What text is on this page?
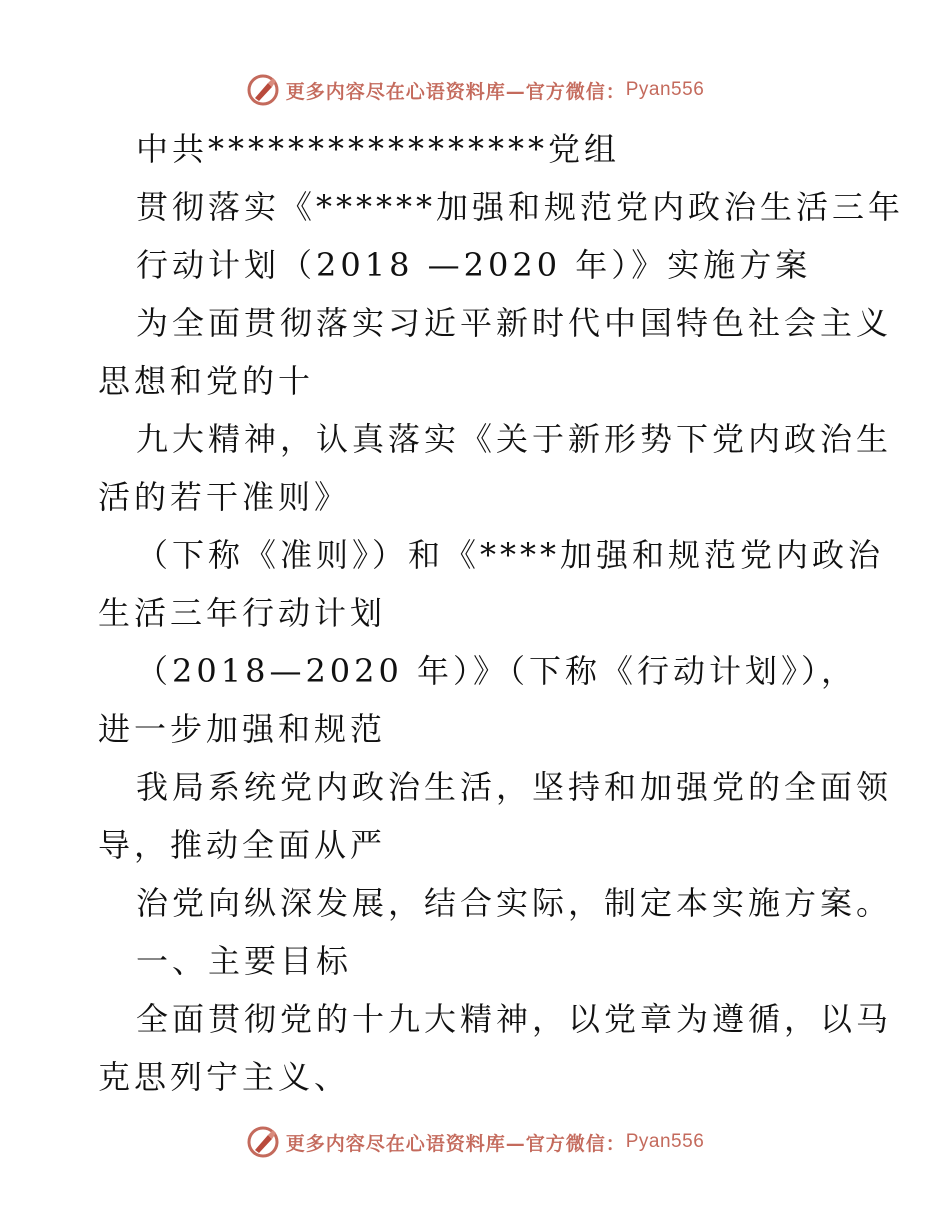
更多内容尽在心语资料库—官方微信： Pyan556
中共*****************党组
贯彻落实《******加强和规范党内政治生活三年
行动计划（2018 —2020 年）》实施方案
为全面贯彻落实习近平新时代中国特色社会主义
思想和党的十
九大精神，认真落实《关于新形势下党内政治生
活的若干准则》
（下称《准则》）和《****加强和规范党内政治
生活三年行动计划
（2018—2020 年）》（下称《行动计划》），
进一步加强和规范
我局系统党内政治生活，坚持和加强党的全面领
导，推动全面从严
治党向纵深发展，结合实际，制定本实施方案。
一、主要目标
全面贯彻党的十九大精神，以党章为遵循，以马
克思列宁主义、
更多内容尽在心语资料库—官方微信： Pyan556
